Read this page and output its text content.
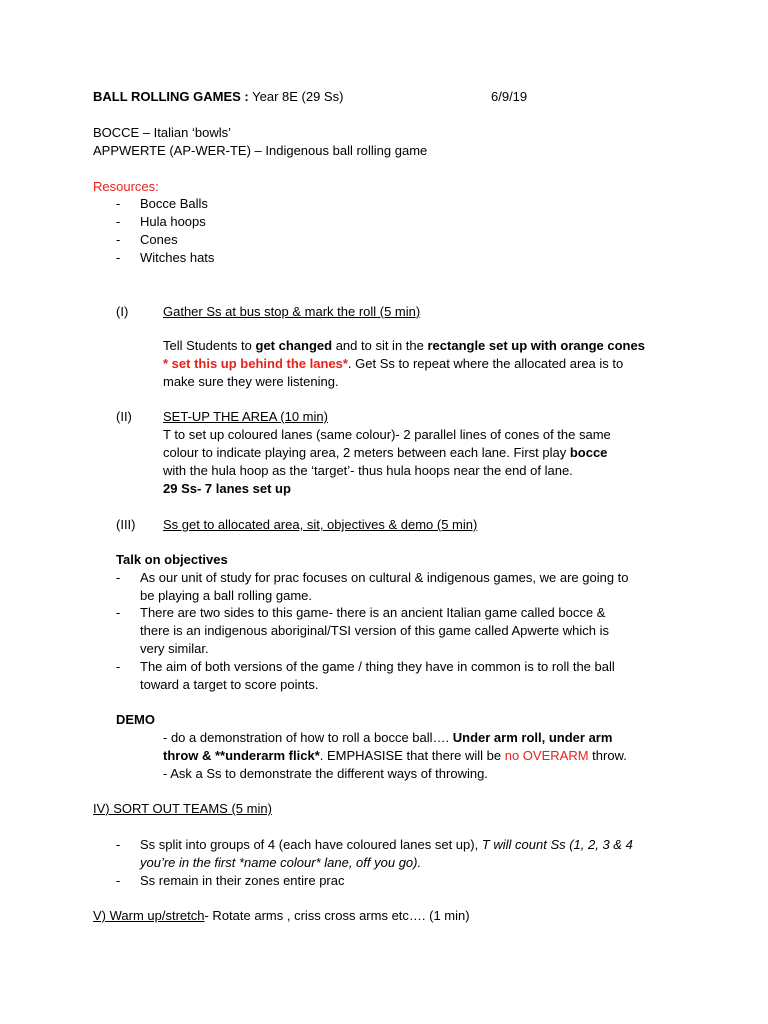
BALL ROLLING GAMES : Year 8E (29 Ss)	6/9/19
BOCCE – Italian ‘bowls’
APPWERTE (AP-WER-TE) – Indigenous ball rolling game
Resources:
- Bocce Balls
- Hula hoops
- Cones
- Witches hats
(I)	Gather Ss at bus stop & mark the roll (5 min)
Tell Students to get changed and to sit in the rectangle set up with orange cones
* set this up behind the lanes*. Get Ss to repeat where the allocated area is to
make sure they were listening.
(II) SET-UP THE AREA (10 min)
T to set up coloured lanes (same colour)- 2 parallel lines of cones of the same
colour to indicate playing area, 2 meters between each lane. First play bocce
with the hula hoop as the ‘target’- thus hula hoops near the end of lane.
29 Ss- 7 lanes set up
(III) Ss get to allocated area, sit, objectives & demo (5 min)
Talk on objectives
- As our unit of study for prac focuses on cultural & indigenous games, we are going to
be playing a ball rolling game.
- There are two sides to this game- there is an ancient Italian game called bocce &
there is an indigenous aboriginal/TSI version of this game called Apwerte which is
very similar.
- The aim of both versions of the game / thing they have in common is to roll the ball
toward a target to score points.
DEMO
- do a demonstration of how to roll a bocce ball…. Under arm roll, under arm
throw & **underarm flick*. EMPHASISE that there will be no OVERARM throw.
- Ask a Ss to demonstrate the different ways of throwing.
IV) SORT OUT TEAMS (5 min)
- Ss split into groups of 4 (each have coloured lanes set up), T will count Ss (1, 2, 3 & 4
you’re in the first *name colour* lane, off you go).
- Ss remain in their zones entire prac
V) Warm up/stretch- Rotate arms , criss cross arms etc…. (1 min)
